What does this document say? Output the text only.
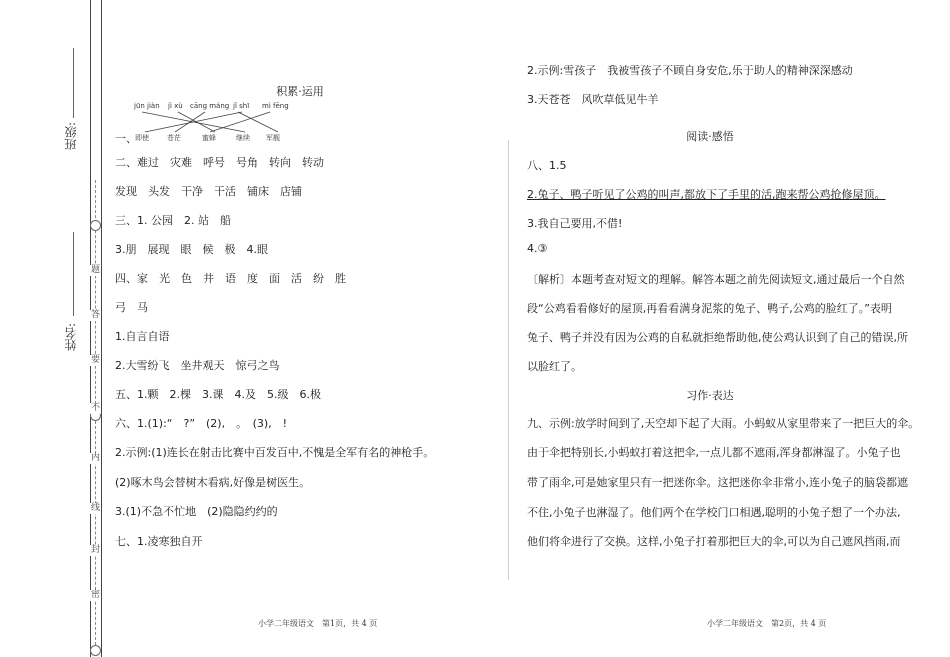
密
封
线
内
不
要
答
题
班级:
姓名:
积累·运用
jūn jiàn jì xù cāng máng jǐ shī mì fēng
即使	苍茫	蜜蜂	继续 军舰
一、
二、难过　灾难　呼号　号角　转向　转动
发现　头发　干净　干活　铺床　店铺
三、1. 公园　2. 站　船
3.朋　展现　眼　候　极　4.眼
四、家　光　色　井　语　度　面　活　纷　胜
弓　马
1.自言自语
2.大雪纷飞　坐井观天　惊弓之鸟
五、1.颗　2.棵　3.课　4.及　5.级　6.极
六、1.(1):“　?”　(2),　。　(3),　!
2.示例:(1)连长在射击比赛中百发百中,不愧是全军有名的神枪手。
(2)啄木鸟会替树木看病,好像是树医生。
3.(1)不急不忙地　(2)隐隐约约的
七、1.凌寒独自开
小学二年级语文　第1页，共 4 页
2.示例:雪孩子　我被雪孩子不顾自身安危,乐于助人的精神深深感动
3.天苍苍　风吹草低见牛羊
阅读·感悟
八、1.5
2.兔子、鸭子听见了公鸡的叫声,都放下了手里的活,跑来帮公鸡抢修屋顶。
3.我自己要用,不借!
4.③
〔解析〕本题考查对短文的理解。解答本题之前先阅读短文,通过最后一个自然
段“公鸡看看修好的屋顶,再看看满身泥浆的兔子、鸭子,公鸡的脸红了。”表明
兔子、鸭子并没有因为公鸡的自私就拒绝帮助他,使公鸡认识到了自己的错误,所
以脸红了。
习作·表达
九、示例:放学时间到了,天空却下起了大雨。小蚂蚁从家里带来了一把巨大的伞。
由于伞把特别长,小蚂蚁打着这把伞,一点儿都不遮雨,浑身都淋湿了。小兔子也
带了雨伞,可是她家里只有一把迷你伞。这把迷你伞非常小,连小兔子的脑袋都遮
不住,小兔子也淋湿了。他们两个在学校门口相遇,聪明的小兔子想了一个办法,
他们将伞进行了交换。这样,小兔子打着那把巨大的伞,可以为自己遮风挡雨,而
小学二年级语文　第2页，共 4 页
